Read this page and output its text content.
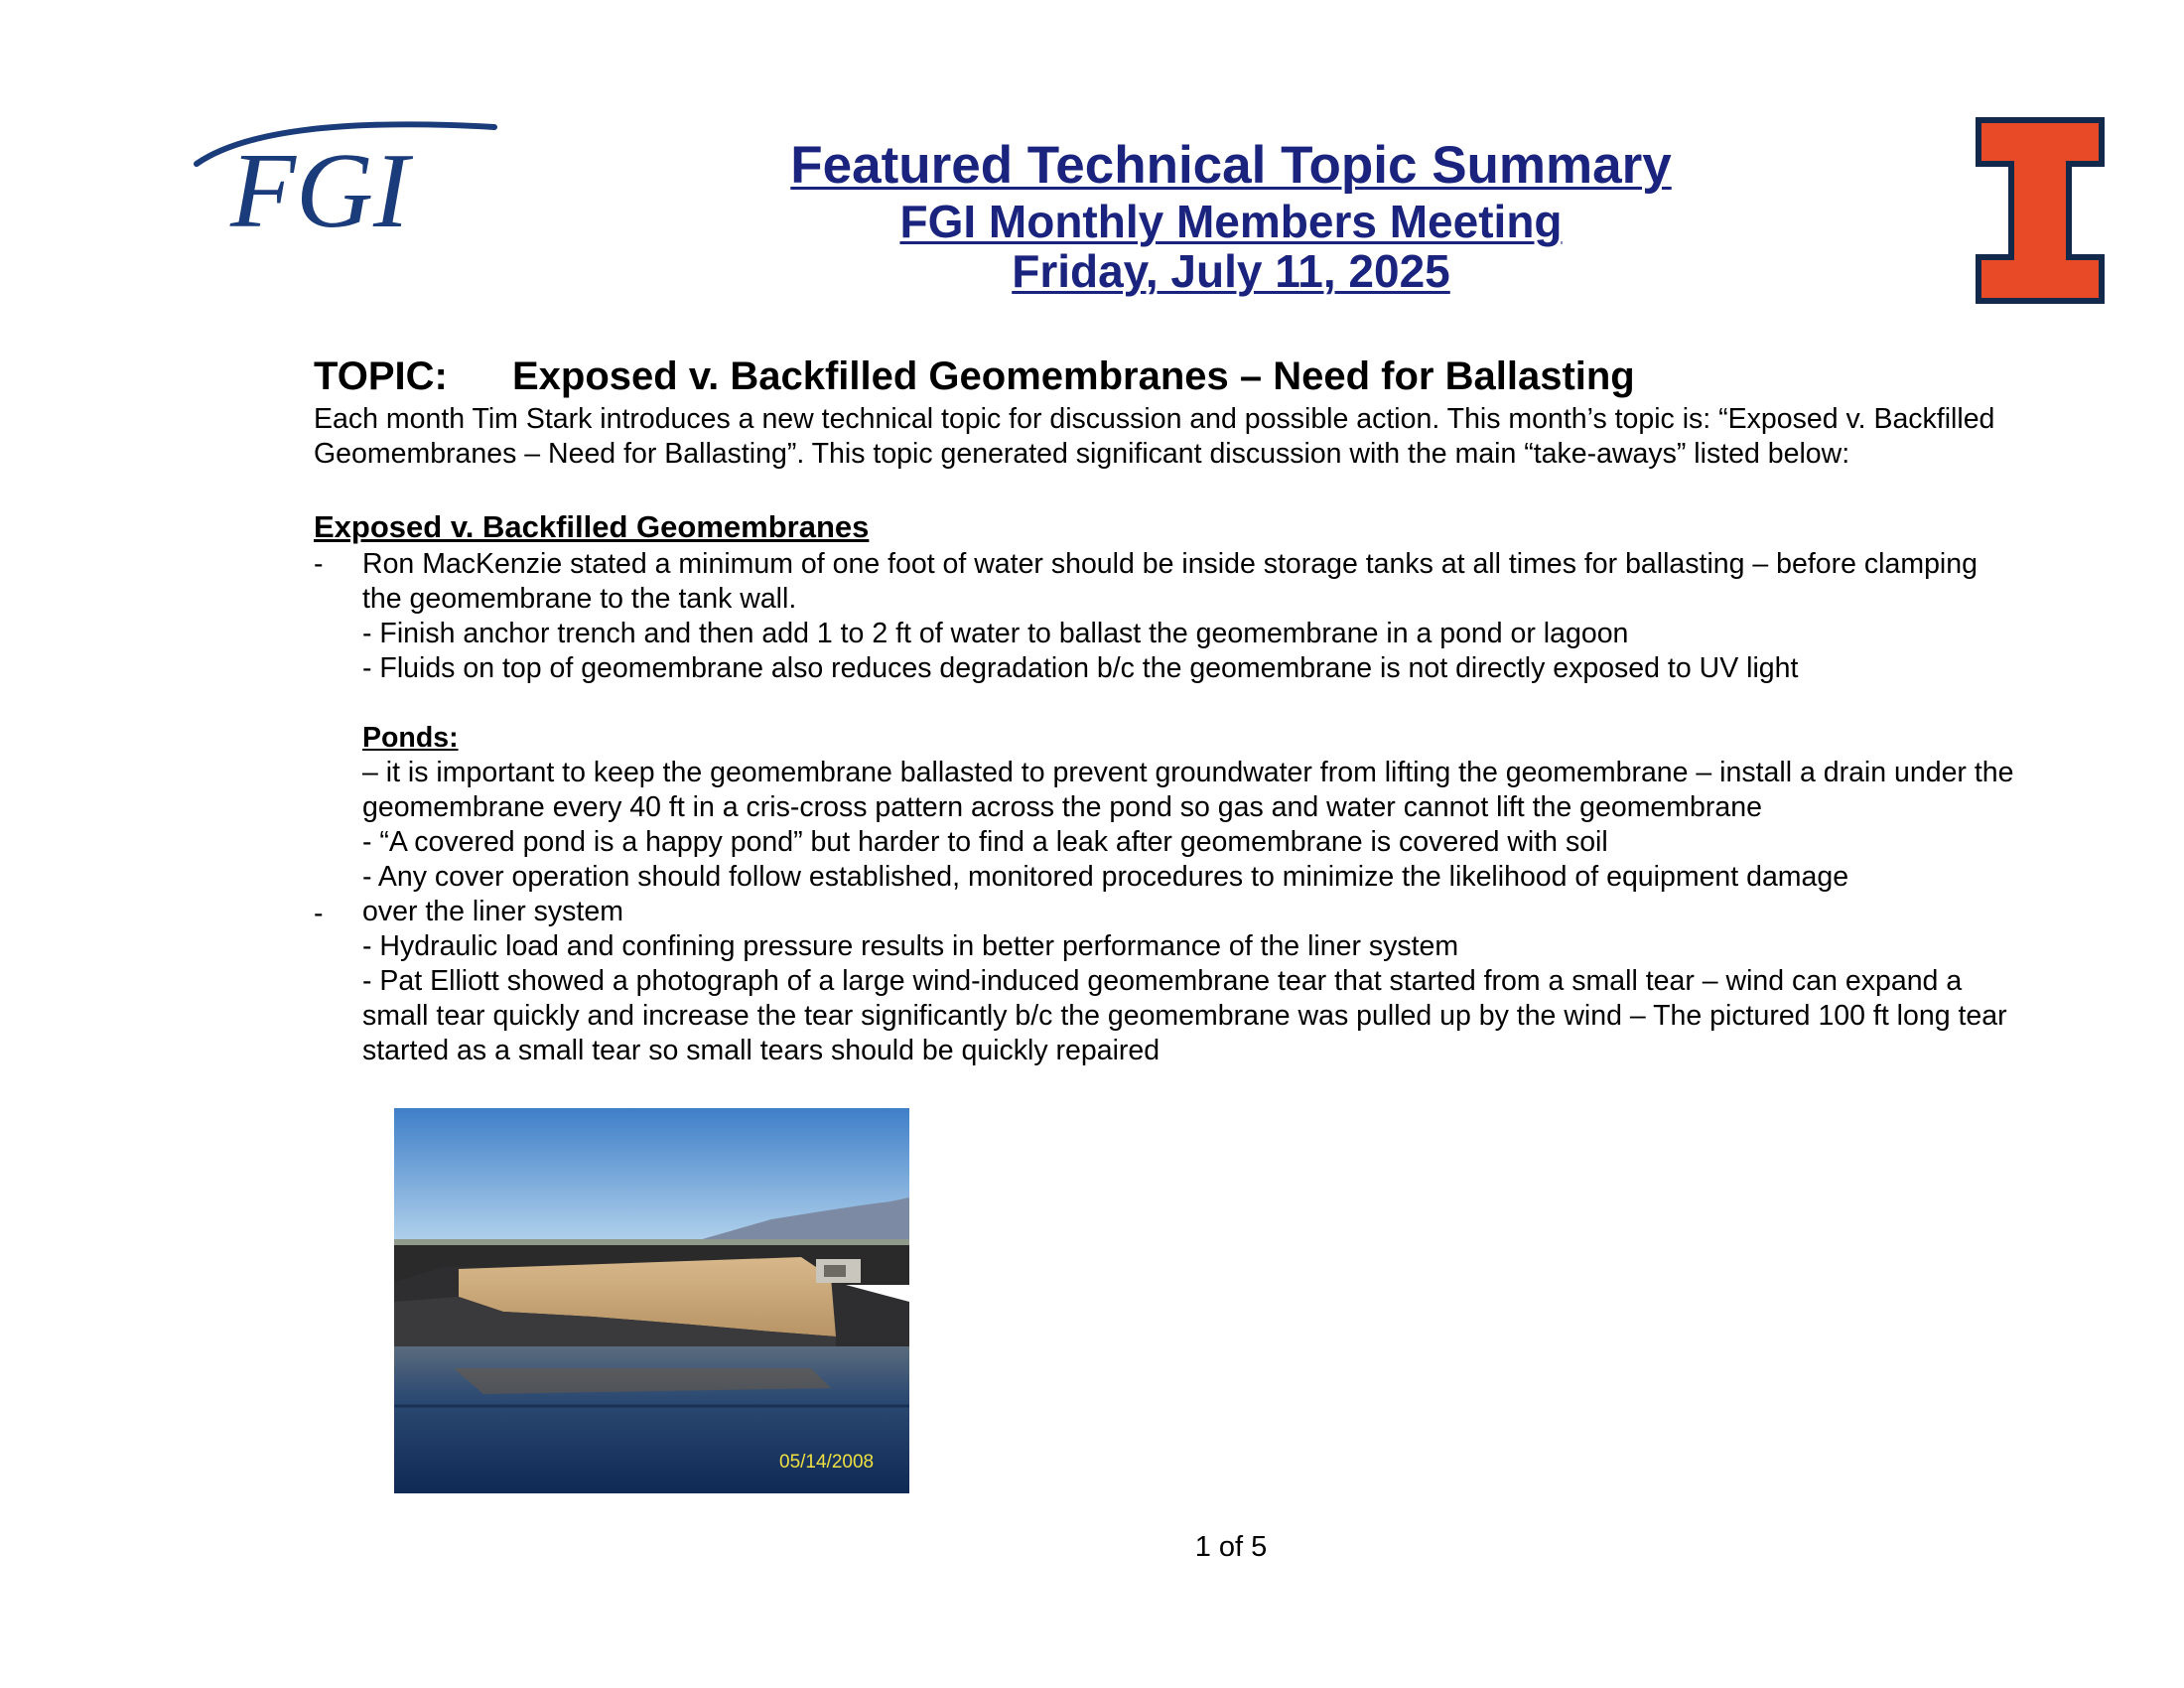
FGI	Featured Technical Topic Summary
FGI Monthly Members Meeting
Friday, July 11, 2025
TOPIC: Exposed v. Backfilled Geomembranes – Need for Ballasting
Each month Tim Stark introduces a new technical topic for discussion and possible action. This month’s topic is: “Exposed v. Backfilled Geomembranes – Need for Ballasting”. This topic generated significant discussion with the main “take-aways” listed below:
Exposed v. Backfilled Geomembranes
-
-

Ron MacKenzie stated a minimum of one foot of water should be inside storage tanks at all times for ballasting – before clamping

the geomembrane to the tank wall.

- Finish anchor trench and then add 1 to 2 ft of water to ballast the geomembrane in a pond or lagoon

- Fluids on top of geomembrane also reduces degradation b/c the geomembrane is not directly exposed to UV light

Ponds:

– it is important to keep the geomembrane ballasted to prevent groundwater from lifting the geomembrane – install a drain under the

geomembrane every 40 ft in a cris-cross pattern across the pond so gas and water cannot lift the geomembrane

- “A covered pond is a happy pond” but harder to find a leak after geomembrane is covered with soil

- Any cover operation should follow established, monitored procedures to minimize the likelihood of equipment damage

over the liner system

- Hydraulic load and confining pressure results in better performance of the liner system

- Pat Elliott showed a photograph of a large wind-induced geomembrane tear that started from a small tear – wind can expand a

small tear quickly and increase the tear significantly b/c the geomembrane was pulled up by the wind – The pictured 100 ft long tear

started as a small tear so small tears should be quickly repaired

05/14/2008
1 of 5
